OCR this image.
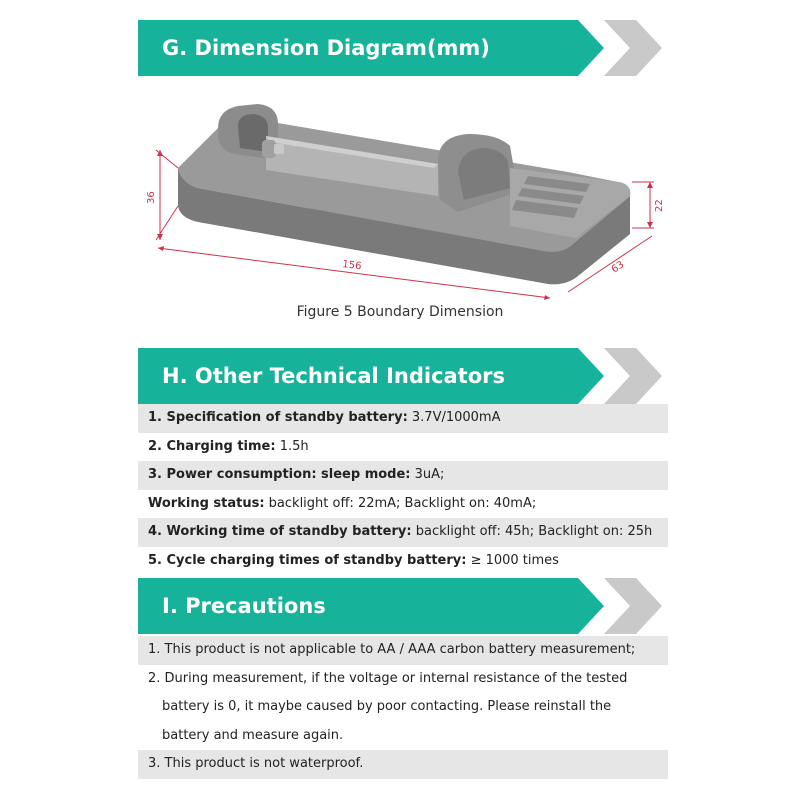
G. Dimension Diagram(mm)
36
156	63
22
Figure 5 Boundary Dimension
H. Other Technical Indicators
1. Specification of standby battery: 3.7V/1000mA
2. Charging time: 1.5h
3. Power consumption: sleep mode: 3uA;
Working status: backlight off: 22mA; Backlight on: 40mA;
4. Working time of standby battery: backlight off: 45h; Backlight on: 25h
5. Cycle charging times of standby battery: ≥ 1000 times
I. Precautions
1. This product is not applicable to AA / AAA carbon battery measurement;
2. During measurement, if the voltage or internal resistance of the tested
battery is 0, it maybe caused by poor contacting. Please reinstall the
battery and measure again.
3. This product is not waterproof.
